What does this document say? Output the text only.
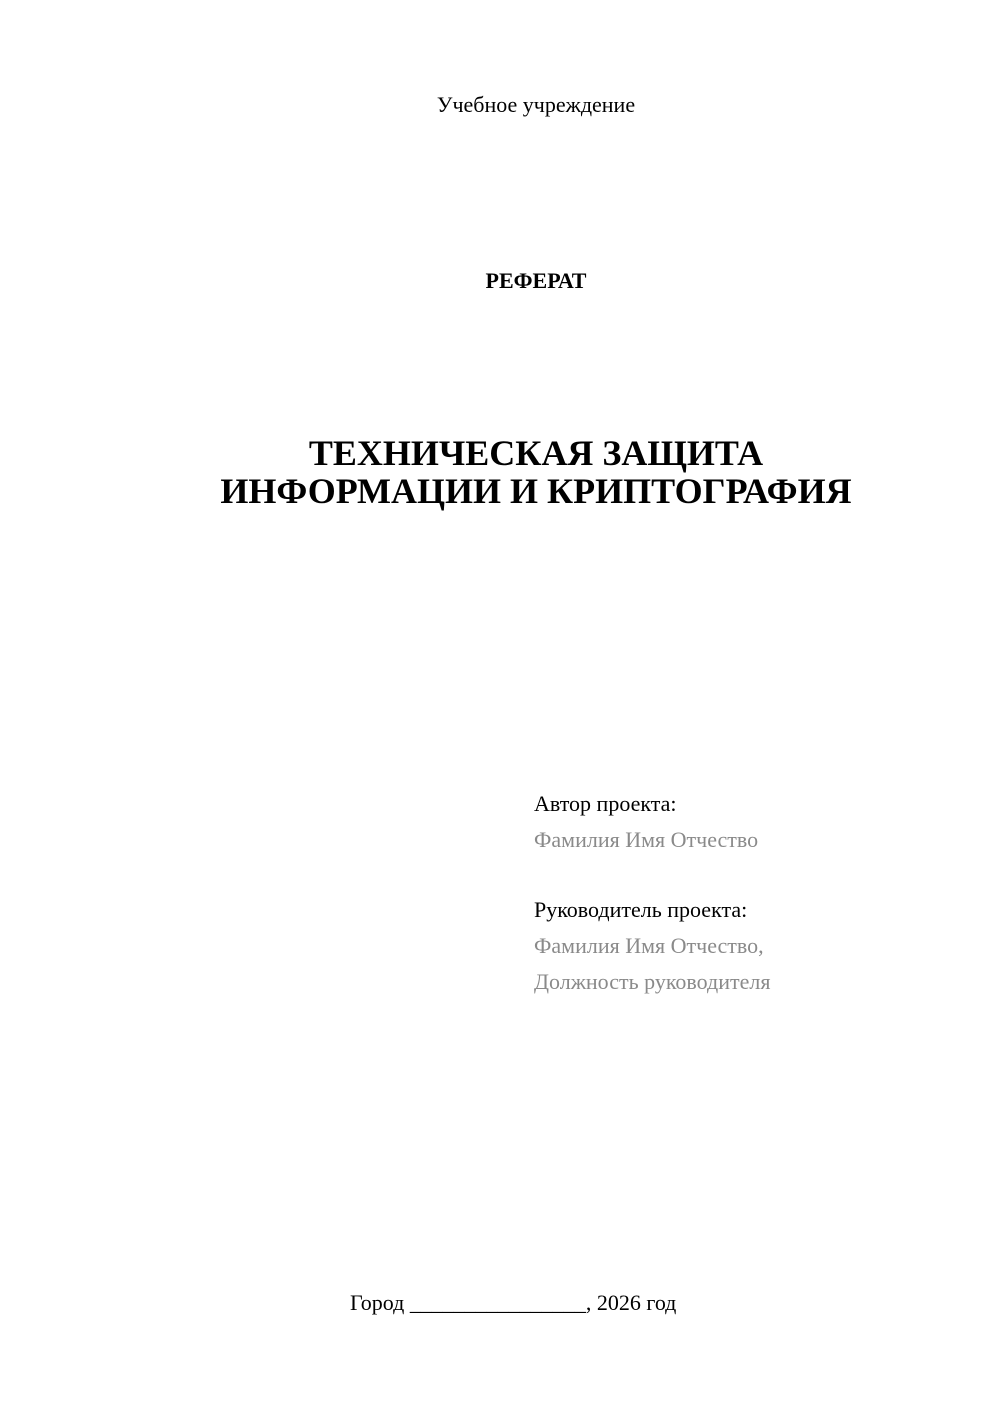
Учебное учреждение
РЕФЕРАТ
ТЕХНИЧЕСКАЯ ЗАЩИТА
ИНФОРМАЦИИ И КРИПТОГРАФИЯ
Автор проекта:
Фамилия Имя Отчество
Руководитель проекта:
Фамилия Имя Отчество,
Должность руководителя
Город ________________, 2026 год
